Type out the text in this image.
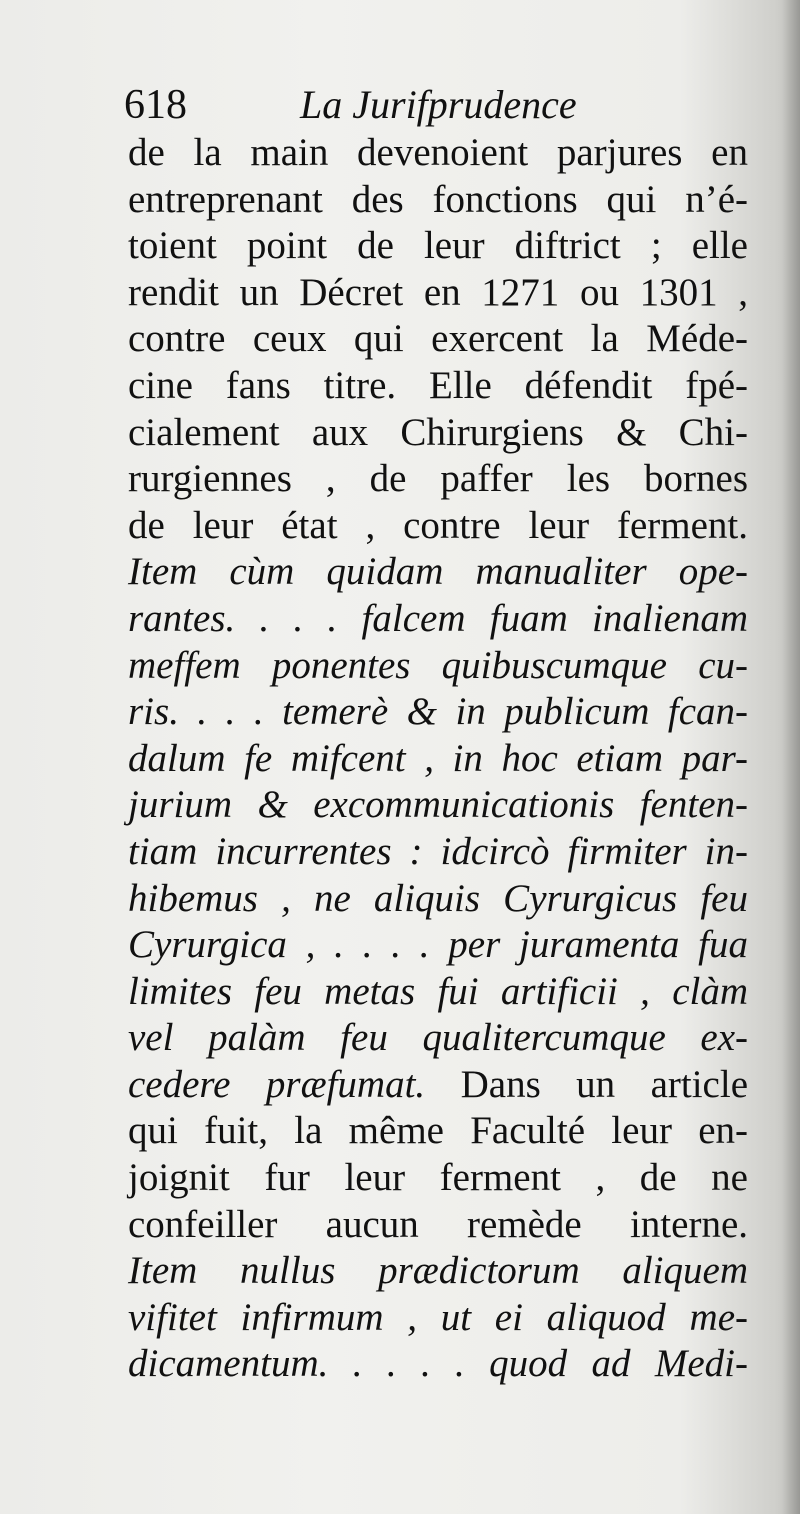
618	La Jurifprudence
de la main devenoient parjures en
entreprenant des fonctions qui n’é-
toient point de leur diftrict ; elle
rendit un Décret en 1271 ou 1301 ,
contre ceux qui exercent la Méde-
cine fans titre. Elle défendit fpé-
cialement aux Chirurgiens & Chi-
rurgiennes , de paffer les bornes
de leur état , contre leur ferment.
Item cùm quidam manualiter ope-
rantes. . . . falcem fuam inalienam
meffem ponentes quibuscumque cu-
ris. . . . temerè & in publicum fcan-
dalum fe mifcent , in hoc etiam par-
jurium & excommunicationis fenten-
tiam incurrentes : idcircò firmiter in-
hibemus , ne aliquis Cyrurgicus feu
Cyrurgica , . . . . per juramenta fua
limites feu metas fui artificii , clàm
vel palàm feu qualitercumque ex-
cedere præfumat. Dans un article
qui fuit, la même Faculté leur en-
joignit fur leur ferment , de ne
confeiller aucun remède interne.
Item nullus prædictorum aliquem
vifitet infirmum , ut ei aliquod me-
dicamentum. . . . . quod ad Medi-
